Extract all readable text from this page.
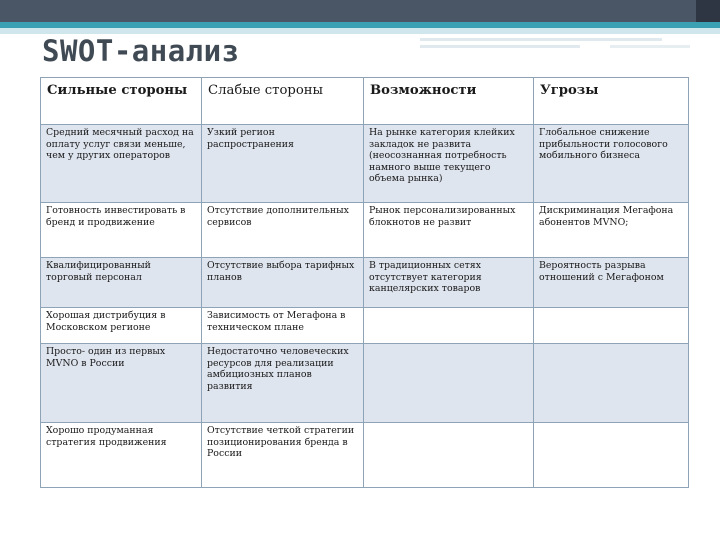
SWOT-анализ
Сильные стороны	Слабые стороны	Возможности	Угрозы
Средний месячный расход на оплату услуг связи меньше, чем у других операторов	Узкий регион распространения	На рынке категория клейких закладок не развита (неосознанная потребность намного выше текущего объема рынка)	Глобальное снижение прибыльности голосового мобильного бизнеса
Готовность инвестировать в бренд и продвижение	Отсутствие дополнительных сервисов	Рынок персонализированных блокнотов не развит	Дискриминация Мегафона абонентов MVNO;
Квалифицированный торговый персонал	Отсутствие выбора тарифных планов	В традиционных сетях отсутствует категория канцелярских товаров	Вероятность разрыва отношений с Мегафоном
Хорошая дистрибуция в Московском регионе	Зависимость от Мегафона в техническом плане		
Просто- один из первых MVNO в России	Недостаточно человеческих ресурсов для реализации амбициозных планов развития		
Хорошо продуманная стратегия продвижения	Отсутствие четкой стратегии позиционирования бренда в России		
